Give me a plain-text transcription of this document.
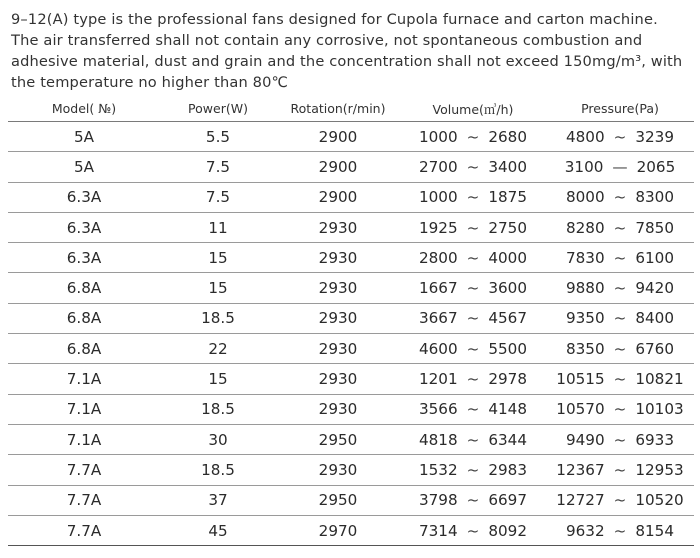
9–12(A) type is the professional fans designed for Cupola furnace and carton machine.

The air transferred shall not contain any corrosive, not spontaneous combustion and

adhesive material, dust and grain and the concentration shall not exceed 150mg/m³, with

the temperature no higher than 80℃

Model( №)	Power(W)	Rotation(r/min)	Volume(㎥/h)	Pressure(Pa)
5A	5.5	2900	1000 ~ 2680	4800 ~ 3239

5A	7.5	2900	2700 ~ 3400	3100 — 2065

6.3A	7.5	2900	1000 ~ 1875	8000 ~ 8300

6.3A	11	2930	1925 ~ 2750	8280 ~ 7850

6.3A	15	2930	2800 ~ 4000	7830 ~ 6100

6.8A	15	2930	1667 ~ 3600	9880 ~ 9420

6.8A	18.5	2930	3667 ~ 4567	9350 ~ 8400

6.8A	22	2930	4600 ~ 5500	8350 ~ 6760

7.1A	15	2930	1201 ~ 2978	10515 ~ 10821

7.1A	18.5	2930	3566 ~ 4148	10570 ~ 10103

7.1A	30	2950	4818 ~ 6344	9490 ~ 6933

7.7A	18.5	2930	1532 ~ 2983	12367 ~ 12953

7.7A	37	2950	3798 ~ 6697	12727 ~ 10520

7.7A	45	2970	7314 ~ 8092	9632 ~ 8154
